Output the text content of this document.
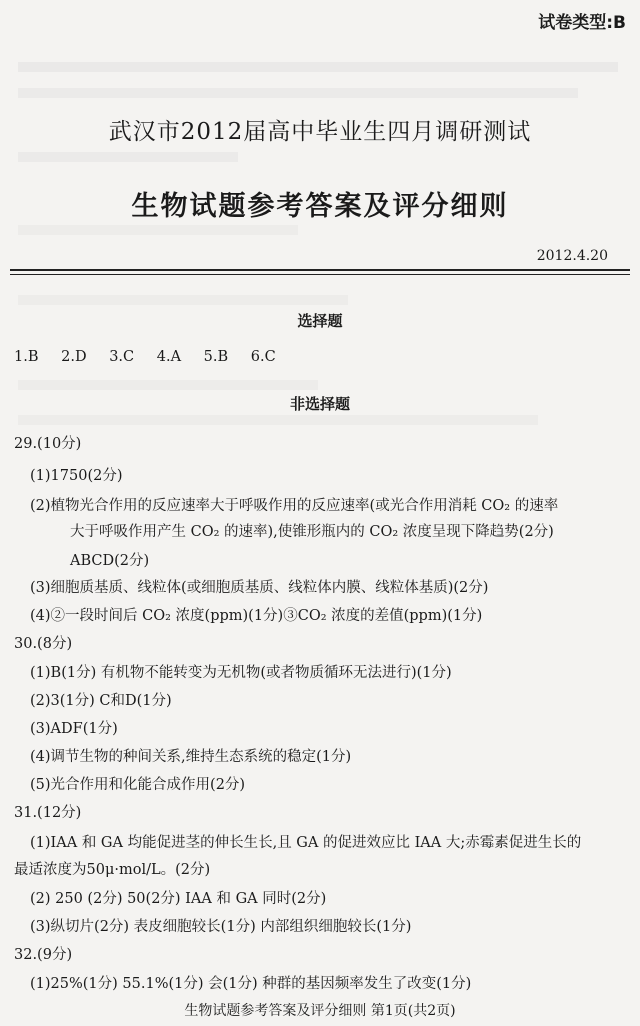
试卷类型:B
武汉市2012届高中毕业生四月调研测试
生物试题参考答案及评分细则
2012.4.20
选择题
1.B 2.D 3.C 4.A 5.B 6.C
非选择题
29.(10分)
(1)1750(2分)
(2)植物光合作用的反应速率大于呼吸作用的反应速率(或光合作用消耗 CO₂ 的速率
大于呼吸作用产生 CO₂ 的速率),使锥形瓶内的 CO₂ 浓度呈现下降趋势(2分)
ABCD(2分)
(3)细胞质基质、线粒体(或细胞质基质、线粒体内膜、线粒体基质)(2分)
(4)②一段时间后 CO₂ 浓度(ppm)(1分)③CO₂ 浓度的差值(ppm)(1分)
30.(8分)
(1)B(1分) 有机物不能转变为无机物(或者物质循环无法进行)(1分)
(2)3(1分) C和D(1分)
(3)ADF(1分)
(4)调节生物的种间关系,维持生态系统的稳定(1分)
(5)光合作用和化能合成作用(2分)
31.(12分)
(1)IAA 和 GA 均能促进茎的伸长生长,且 GA 的促进效应比 IAA 大;赤霉素促进生长的
最适浓度为50μ·mol/L。(2分)
(2) 250 (2分) 50(2分) IAA 和 GA 同时(2分)
(3)纵切片(2分) 表皮细胞较长(1分) 内部组织细胞较长(1分)
32.(9分)
(1)25%(1分) 55.1%(1分) 会(1分) 种群的基因频率发生了改变(1分)
生物试题参考答案及评分细则 第1页(共2页)
